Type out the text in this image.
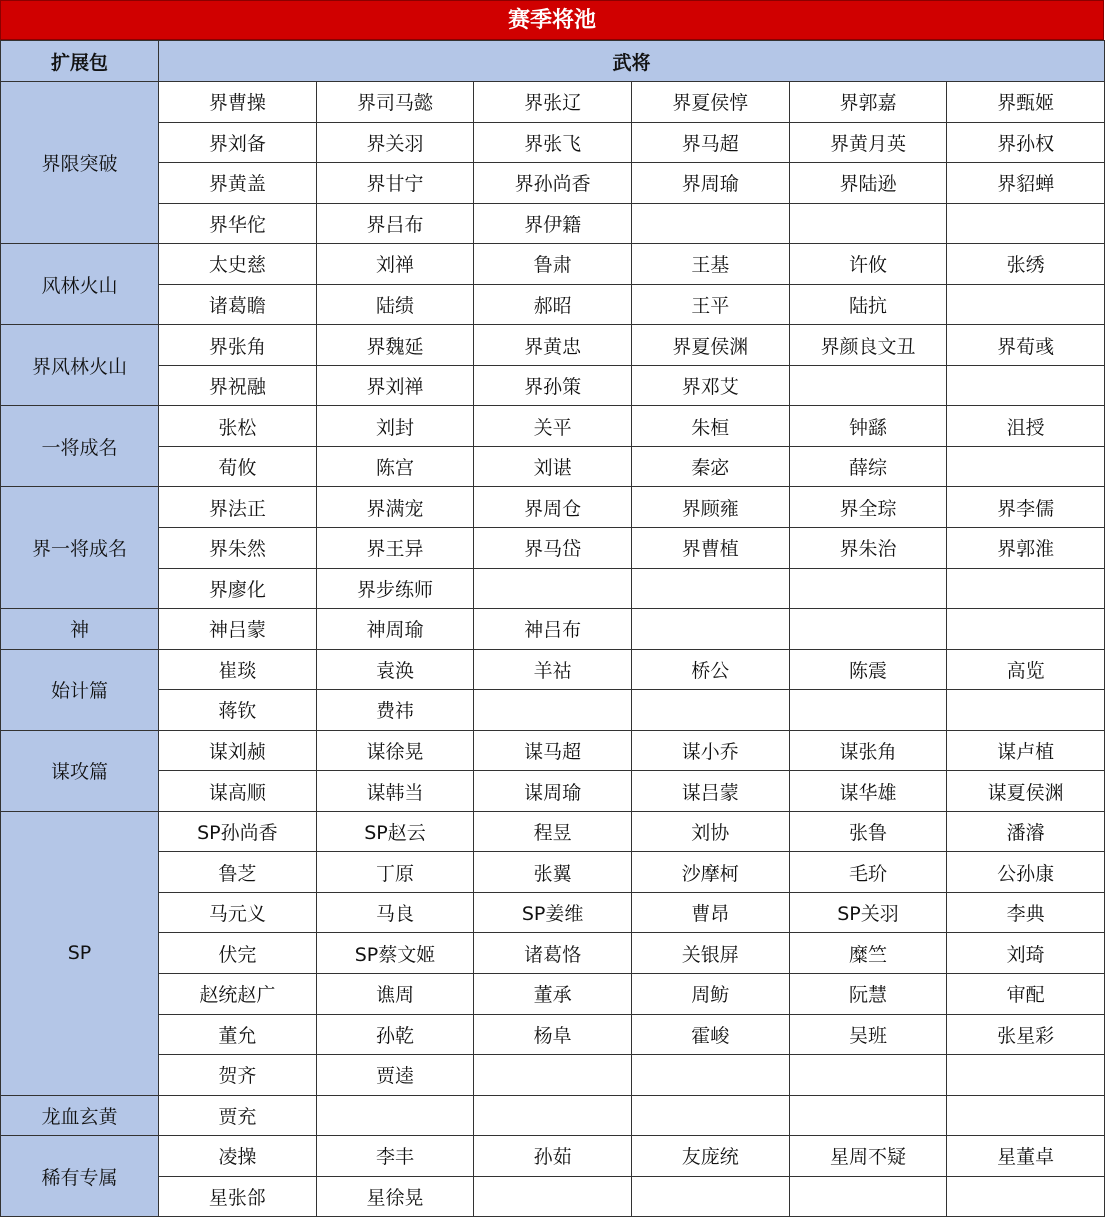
赛季将池
扩展包	武将					
界限突破	界曹操	界司马懿	界张辽	界夏侯惇	界郭嘉	界甄姬
	界刘备	界关羽	界张飞	界马超	界黄月英	界孙权
	界黄盖	界甘宁	界孙尚香	界周瑜	界陆逊	界貂蝉
	界华佗	界吕布	界伊籍			
风林火山	太史慈	刘禅	鲁肃	王基	许攸	张绣
	诸葛瞻	陆绩	郝昭	王平	陆抗	
界风林火山	界张角	界魏延	界黄忠	界夏侯渊	界颜良文丑	界荀彧
	界祝融	界刘禅	界孙策	界邓艾		
一将成名	张松	刘封	关平	朱桓	钟繇	沮授
	荀攸	陈宫	刘谌	秦宓	薛综	
界一将成名	界法正	界满宠	界周仓	界顾雍	界全琮	界李儒
	界朱然	界王异	界马岱	界曹植	界朱治	界郭淮
	界廖化	界步练师				
神	神吕蒙	神周瑜	神吕布			
始计篇	崔琰	袁涣	羊祜	桥公	陈震	高览
	蒋钦	费祎				
谋攻篇	谋刘赪	谋徐晃	谋马超	谋小乔	谋张角	谋卢植
	谋高顺	谋韩当	谋周瑜	谋吕蒙	谋华雄	谋夏侯渊
SP	SP孙尚香	SP赵云	程昱	刘协	张鲁	潘濬
	鲁芝	丁原	张翼	沙摩柯	毛玠	公孙康
	马元义	马良	SP姜维	曹昂	SP关羽	李典
	伏完	SP蔡文姬	诸葛恪	关银屏	糜竺	刘琦
	赵统赵广	谯周	董承	周鲂	阮慧	审配
	董允	孙乾	杨阜	霍峻	吴班	张星彩
	贺齐	贾逵				
龙血玄黄	贾充					
稀有专属	凌操	李丰	孙茹	友庞统	星周不疑	星董卓
	星张郃	星徐晃				
